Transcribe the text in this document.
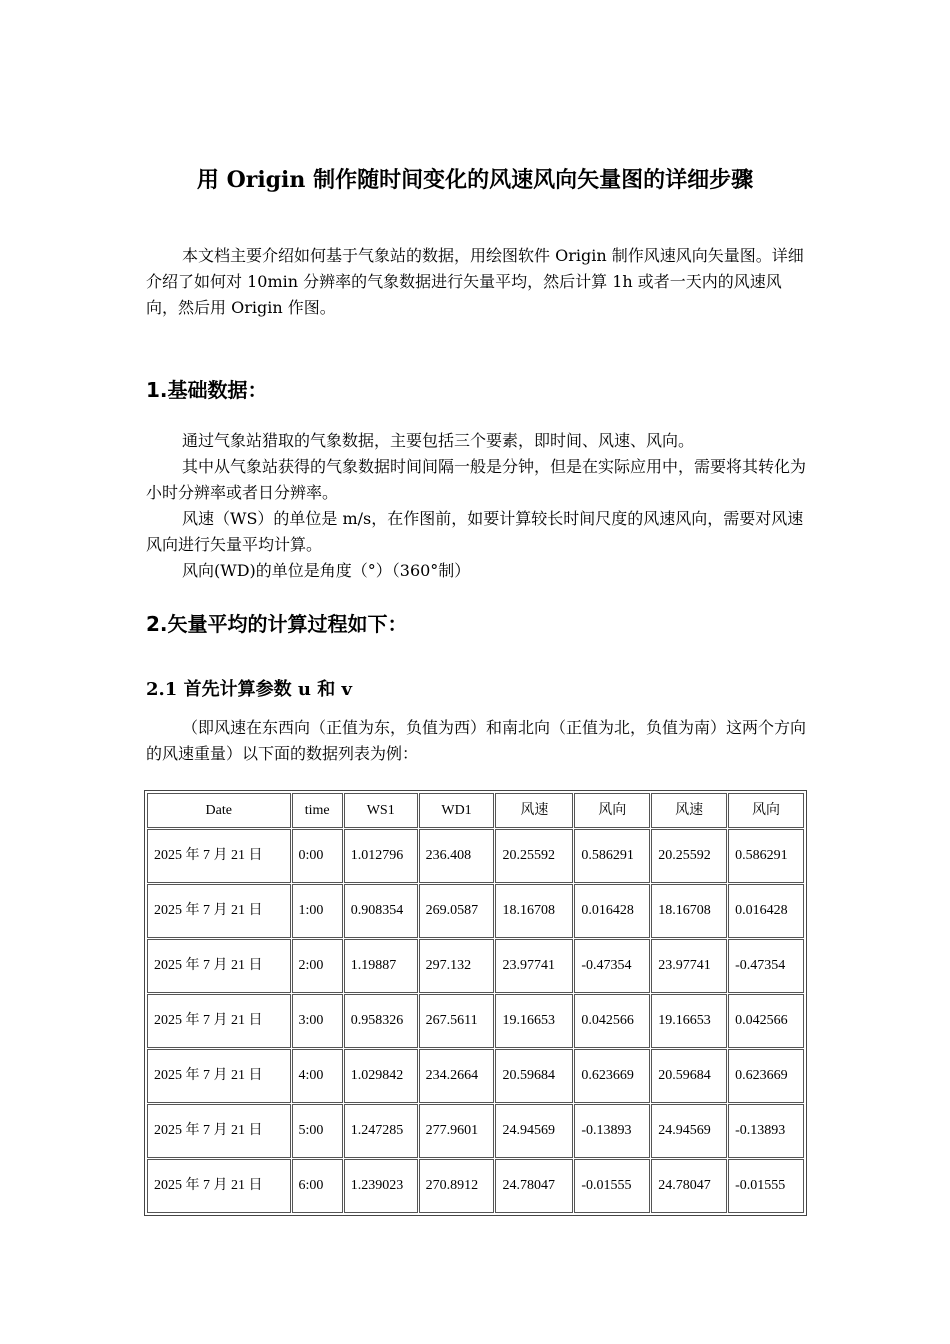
用 Origin 制作随时间变化的风速风向矢量图的详细步骤

本文档主要介绍如何基于气象站的数据，用绘图软件 Origin 制作风速风向矢量图。详细介绍了如何对 10min 分辨率的气象数据进行矢量平均，然后计算 1h 或者一天内的风速风向，然后用 Origin 作图。

1.基础数据：

通过气象站猎取的气象数据，主要包括三个要素，即时间、风速、风向。

其中从气象站获得的气象数据时间间隔一般是分钟，但是在实际应用中，需要将其转化为小时分辨率或者日分辨率。

风速（WS）的单位是 m/s，在作图前，如要计算较长时间尺度的风速风向，需要对风速风向进行矢量平均计算。

风向(WD)的单位是角度（°）（360°制）

2.矢量平均的计算过程如下：
2.1 首先计算参数 u 和 v

（即风速在东西向（正值为东，负值为西）和南北向（正值为北，负值为南）这两个方向的风速重量）以下面的数据列表为例：

Date	time	WS1	WD1	风速	风向	风速	风向
2025 年 7 月 21 日	0:00	1.012796	236.408	20.25592	0.586291	20.25592	0.586291
2025 年 7 月 21 日	1:00	0.908354	269.0587	18.16708	0.016428	18.16708	0.016428
2025 年 7 月 21 日	2:00	1.19887	297.132	23.97741	-0.47354	23.97741	-0.47354
2025 年 7 月 21 日	3:00	0.958326	267.5611	19.16653	0.042566	19.16653	0.042566
2025 年 7 月 21 日	4:00	1.029842	234.2664	20.59684	0.623669	20.59684	0.623669
2025 年 7 月 21 日	5:00	1.247285	277.9601	24.94569	-0.13893	24.94569	-0.13893
2025 年 7 月 21 日	6:00	1.239023	270.8912	24.78047	-0.01555	24.78047	-0.01555
